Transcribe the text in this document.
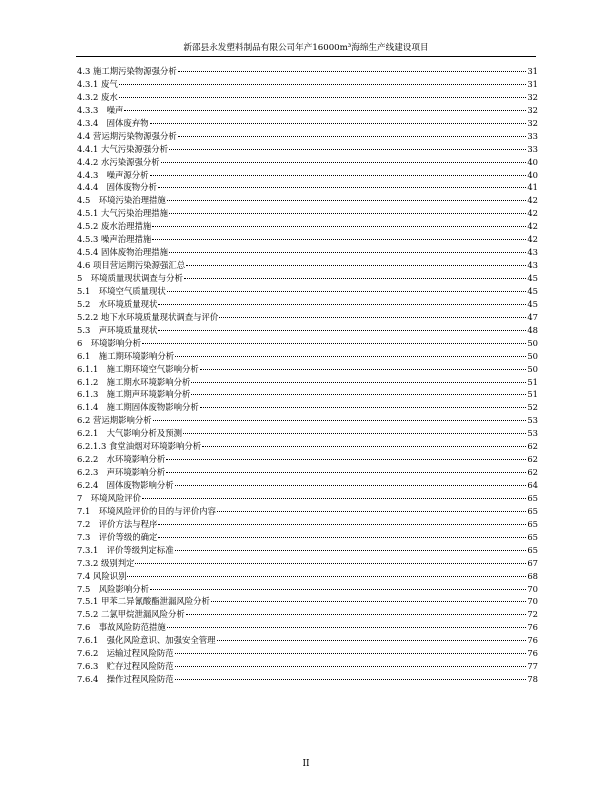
新邵县永发塑料制品有限公司年产16000m³海绵生产线建设项目
4.3 施工期污染物源强分析	31
4.3.1 废气	31
4.3.2 废水	32
4.3.3　噪声	32
4.3.4　固体废弃物	32
4.4 营运期污染物源强分析	33
4.4.1 大气污染源强分析	33
4.4.2 水污染源强分析	40
4.4.3　噪声源分析	40
4.4.4　固体废物分析	41
4.5　环境污染治理措施	42
4.5.1 大气污染治理措施	42
4.5.2 废水治理措施	42
4.5.3 噪声治理措施	42
4.5.4 固体废物治理措施	43
4.6 项目营运期污染源强汇总	43
5　环境质量现状调查与分析	45
5.1　环境空气质量现状	45
5.2　水环境质量现状	45
5.2.2 地下水环境质量现状调查与评价	47
5.3　声环境质量现状	48
6　环境影响分析	50
6.1　施工期环境影响分析	50
6.1.1　施工期环境空气影响分析	50
6.1.2　施工期水环境影响分析	51
6.1.3　施工期声环境影响分析	51
6.1.4　施工期固体废物影响分析	52
6.2 营运期影响分析	53
6.2.1　大气影响分析及预测	53
6.2.1.3 食堂油烟对环境影响分析	62
6.2.2　水环境影响分析	62
6.2.3　声环境影响分析	62
6.2.4　固体废物影响分析	64
7　环境风险评价	65
7.1　环境风险评价的目的与评价内容	65
7.2　评价方法与程序	65
7.3　评价等级的确定	65
7.3.1　评价等级判定标准	65
7.3.2 级别判定	67
7.4 风险识别	68
7.5　风险影响分析	70
7.5.1 甲苯二异氰酸酯泄漏风险分析	70
7.5.2 二氯甲烷泄漏风险分析	72
7.6　事故风险防范措施	76
7.6.1　强化风险意识、加强安全管理	76
7.6.2　运输过程风险防范	76
7.6.3　贮存过程风险防范	77
7.6.4　操作过程风险防范	78
II
